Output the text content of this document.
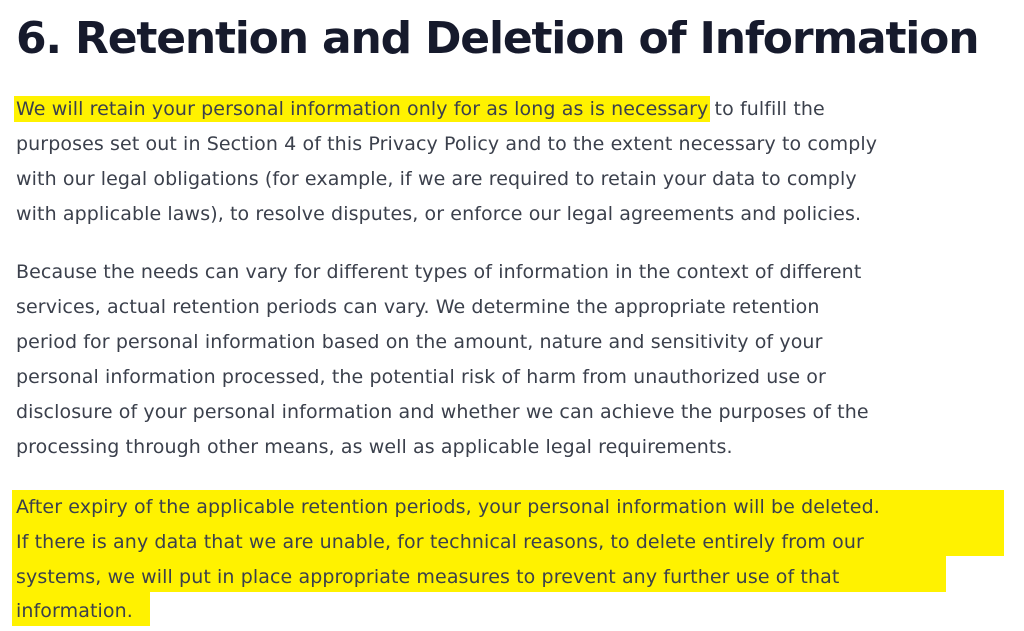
6. Retention and Deletion of Information
We will retain your personal information only for as long as is necessary to fulfill the
purposes set out in Section 4 of this Privacy Policy and to the extent necessary to comply
with our legal obligations (for example, if we are required to retain your data to comply
with applicable laws), to resolve disputes, or enforce our legal agreements and policies.
Because the needs can vary for different types of information in the context of different
services, actual retention periods can vary. We determine the appropriate retention
period for personal information based on the amount, nature and sensitivity of your
personal information processed, the potential risk of harm from unauthorized use or
disclosure of your personal information and whether we can achieve the purposes of the
processing through other means, as well as applicable legal requirements.
After expiry of the applicable retention periods, your personal information will be deleted.
If there is any data that we are unable, for technical reasons, to delete entirely from our
systems, we will put in place appropriate measures to prevent any further use of that
information.
